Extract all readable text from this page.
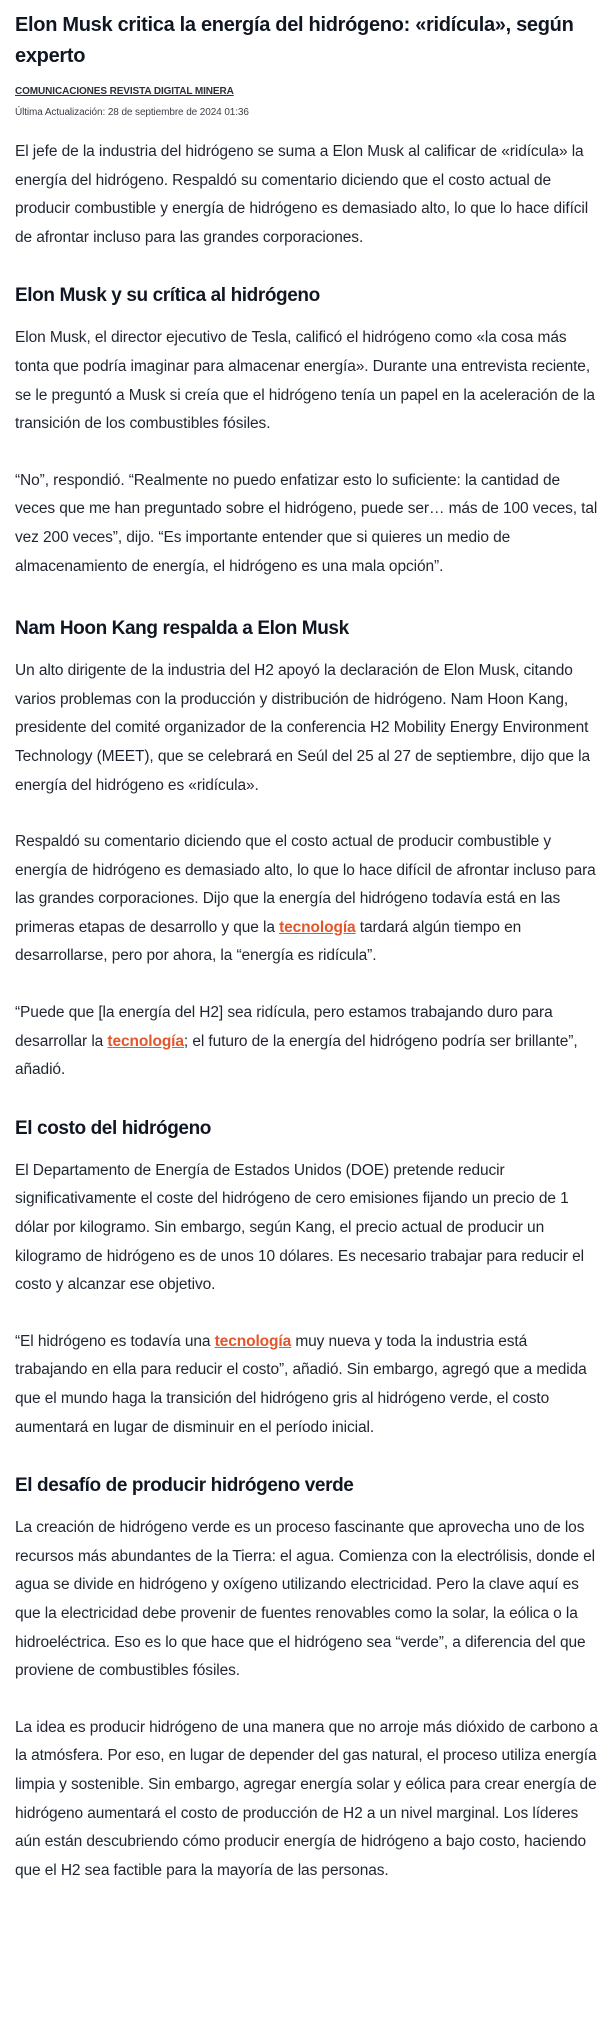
Elon Musk critica la energía del hidrógeno: «ridícula», según experto
COMUNICACIONES REVISTA DIGITAL MINERA
Última Actualización: 28 de septiembre de 2024 01:36

El jefe de la industria del hidrógeno se suma a Elon Musk al calificar de «ridícula» la energía del hidrógeno. Respaldó su comentario diciendo que el costo actual de producir combustible y energía de hidrógeno es demasiado alto, lo que lo hace difícil de afrontar incluso para las grandes corporaciones.

Elon Musk y su crítica al hidrógeno

Elon Musk, el director ejecutivo de Tesla, calificó el hidrógeno como «la cosa más tonta que podría imaginar para almacenar energía». Durante una entrevista reciente, se le preguntó a Musk si creía que el hidrógeno tenía un papel en la aceleración de la transición de los combustibles fósiles.

“No”, respondió. “Realmente no puedo enfatizar esto lo suficiente: la cantidad de veces que me han preguntado sobre el hidrógeno, puede ser… más de 100 veces, tal vez 200 veces”, dijo. “Es importante entender que si quieres un medio de almacenamiento de energía, el hidrógeno es una mala opción”.

Nam Hoon Kang respalda a Elon Musk

Un alto dirigente de la industria del H2 apoyó la declaración de Elon Musk, citando varios problemas con la producción y distribución de hidrógeno. Nam Hoon Kang, presidente del comité organizador de la conferencia H2 Mobility Energy Environment Technology (MEET), que se celebrará en Seúl del 25 al 27 de septiembre, dijo que la energía del hidrógeno es «ridícula».

Respaldó su comentario diciendo que el costo actual de producir combustible y energía de hidrógeno es demasiado alto, lo que lo hace difícil de afrontar incluso para las grandes corporaciones. Dijo que la energía del hidrógeno todavía está en las primeras etapas de desarrollo y que la tecnología tardará algún tiempo en desarrollarse, pero por ahora, la “energía es ridícula”.

“Puede que [la energía del H2] sea ridícula, pero estamos trabajando duro para desarrollar la tecnología; el futuro de la energía del hidrógeno podría ser brillante”, añadió.

El costo del hidrógeno

El Departamento de Energía de Estados Unidos (DOE) pretende reducir significativamente el coste del hidrógeno de cero emisiones fijando un precio de 1 dólar por kilogramo. Sin embargo, según Kang, el precio actual de producir un kilogramo de hidrógeno es de unos 10 dólares. Es necesario trabajar para reducir el costo y alcanzar ese objetivo.

“El hidrógeno es todavía una tecnología muy nueva y toda la industria está trabajando en ella para reducir el costo”, añadió. Sin embargo, agregó que a medida que el mundo haga la transición del hidrógeno gris al hidrógeno verde, el costo aumentará en lugar de disminuir en el período inicial.

El desafío de producir hidrógeno verde

La creación de hidrógeno verde es un proceso fascinante que aprovecha uno de los recursos más abundantes de la Tierra: el agua. Comienza con la electrólisis, donde el agua se divide en hidrógeno y oxígeno utilizando electricidad. Pero la clave aquí es que la electricidad debe provenir de fuentes renovables como la solar, la eólica o la hidroeléctrica. Eso es lo que hace que el hidrógeno sea “verde”, a diferencia del que proviene de combustibles fósiles.

La idea es producir hidrógeno de una manera que no arroje más dióxido de carbono a la atmósfera. Por eso, en lugar de depender del gas natural, el proceso utiliza energía limpia y sostenible. Sin embargo, agregar energía solar y eólica para crear energía de hidrógeno aumentará el costo de producción de H2 a un nivel marginal. Los líderes aún están descubriendo cómo producir energía de hidrógeno a bajo costo, haciendo que el H2 sea factible para la mayoría de las personas.
